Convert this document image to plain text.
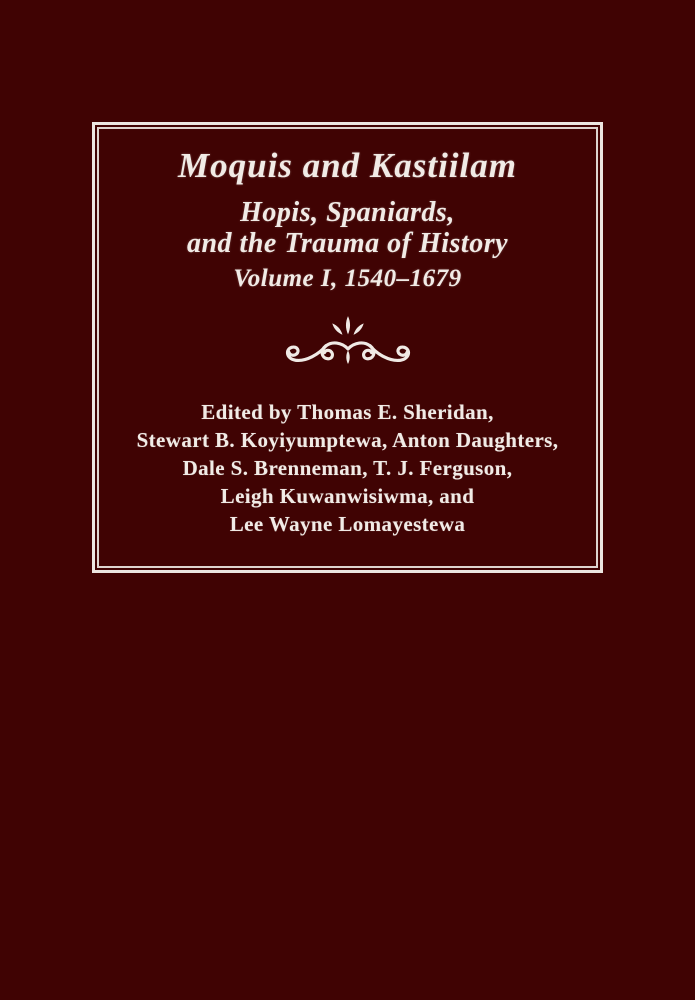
Moquis and Kastiilam
Hopis, Spaniards,
and the Trauma of History
Volume I, 1540–1679
Edited by Thomas E. Sheridan,
Stewart B. Koyiyumptewa, Anton Daughters,
Dale S. Brenneman, T. J. Ferguson,
Leigh Kuwanwisiwma, and
Lee Wayne Lomayestewa
